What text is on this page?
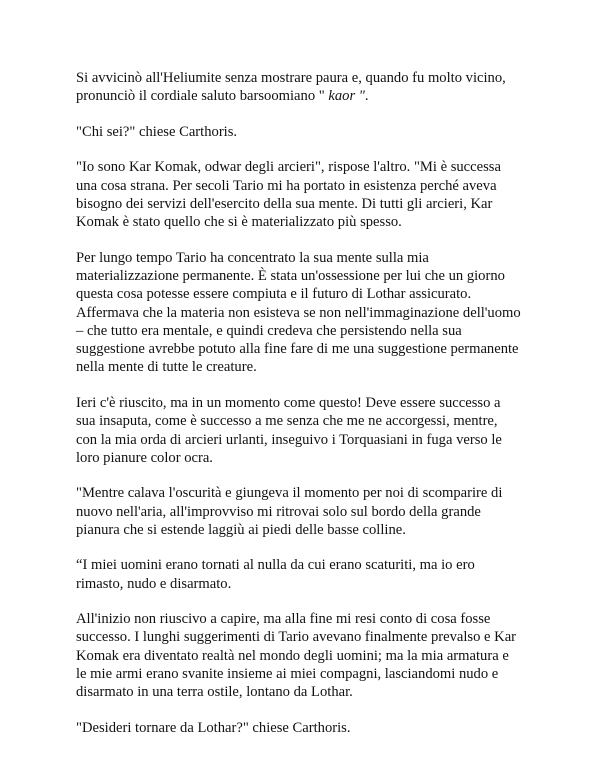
Si avvicinò all'Heliumite senza mostrare paura e, quando fu molto vicino,
pronunciò il cordiale saluto barsoomiano " kaor ".

"Chi sei?" chiese Carthoris.

"Io sono Kar Komak, odwar degli arcieri", rispose l'altro. "Mi è successa
una cosa strana. Per secoli Tario mi ha portato in esistenza perché aveva
bisogno dei servizi dell'esercito della sua mente. Di tutti gli arcieri, Kar
Komak è stato quello che si è materializzato più spesso.

Per lungo tempo Tario ha concentrato la sua mente sulla mia
materializzazione permanente. È stata un'ossessione per lui che un giorno
questa cosa potesse essere compiuta e il futuro di Lothar assicurato.
Affermava che la materia non esisteva se non nell'immaginazione dell'uomo
– che tutto era mentale, e quindi credeva che persistendo nella sua
suggestione avrebbe potuto alla fine fare di me una suggestione permanente
nella mente di tutte le creature.

Ieri c'è riuscito, ma in un momento come questo! Deve essere successo a
sua insaputa, come è successo a me senza che me ne accorgessi, mentre,
con la mia orda di arcieri urlanti, inseguivo i Torquasiani in fuga verso le
loro pianure color ocra.

"Mentre calava l'oscurità e giungeva il momento per noi di scomparire di
nuovo nell'aria, all'improvviso mi ritrovai solo sul bordo della grande
pianura che si estende laggiù ai piedi delle basse colline.

“I miei uomini erano tornati al nulla da cui erano scaturiti, ma io ero
rimasto, nudo e disarmato.

All'inizio non riuscivo a capire, ma alla fine mi resi conto di cosa fosse
successo. I lunghi suggerimenti di Tario avevano finalmente prevalso e Kar
Komak era diventato realtà nel mondo degli uomini; ma la mia armatura e
le mie armi erano svanite insieme ai miei compagni, lasciandomi nudo e
disarmato in una terra ostile, lontano da Lothar.

"Desideri tornare da Lothar?" chiese Carthoris.
